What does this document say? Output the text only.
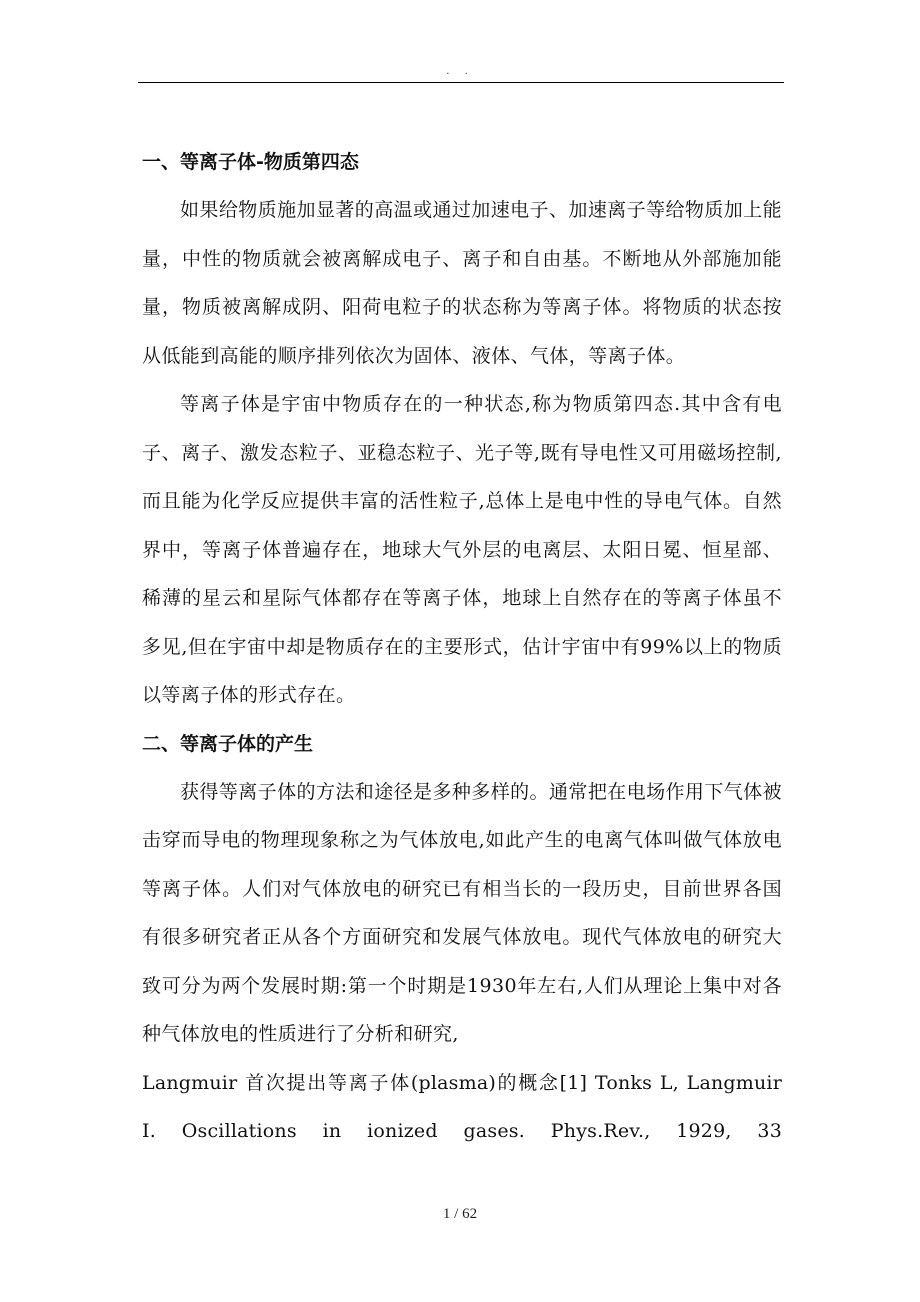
. .
一、等离子体-物质第四态

如果给物质施加显著的高温或通过加速电子、加速离子等给物质加上能量，中性的物质就会被离解成电子、离子和自由基。不断地从外部施加能量，物质被离解成阴、阳荷电粒子的状态称为等离子体。将物质的状态按从低能到高能的顺序排列依次为固体、液体、气体，等离子体。

等离子体是宇宙中物质存在的一种状态,称为物质第四态.其中含有电子、离子、激发态粒子、亚稳态粒子、光子等,既有导电性又可用磁场控制,而且能为化学反应提供丰富的活性粒子,总体上是电中性的导电气体。自然界中，等离子体普遍存在，地球大气外层的电离层、太阳日冕、恒星部、稀薄的星云和星际气体都存在等离子体，地球上自然存在的等离子体虽不多见,但在宇宙中却是物质存在的主要形式，估计宇宙中有99%以上的物质以等离子体的形式存在。

二、等离子体的产生

获得等离子体的方法和途径是多种多样的。通常把在电场作用下气体被击穿而导电的物理现象称之为气体放电,如此产生的电离气体叫做气体放电等离子体。人们对气体放电的研究已有相当长的一段历史，目前世界各国有很多研究者正从各个方面研究和发展气体放电。现代气体放电的研究大致可分为两个发展时期:第一个时期是1930年左右,人们从理论上集中对各种气体放电的性质进行了分析和研究,

Langmuir 首次提出等离子体(plasma)的概念[1] Tonks L, Langmuir
I. Oscillations in ionized gases. Phys.Rev., 1929, 33
1 / 62
